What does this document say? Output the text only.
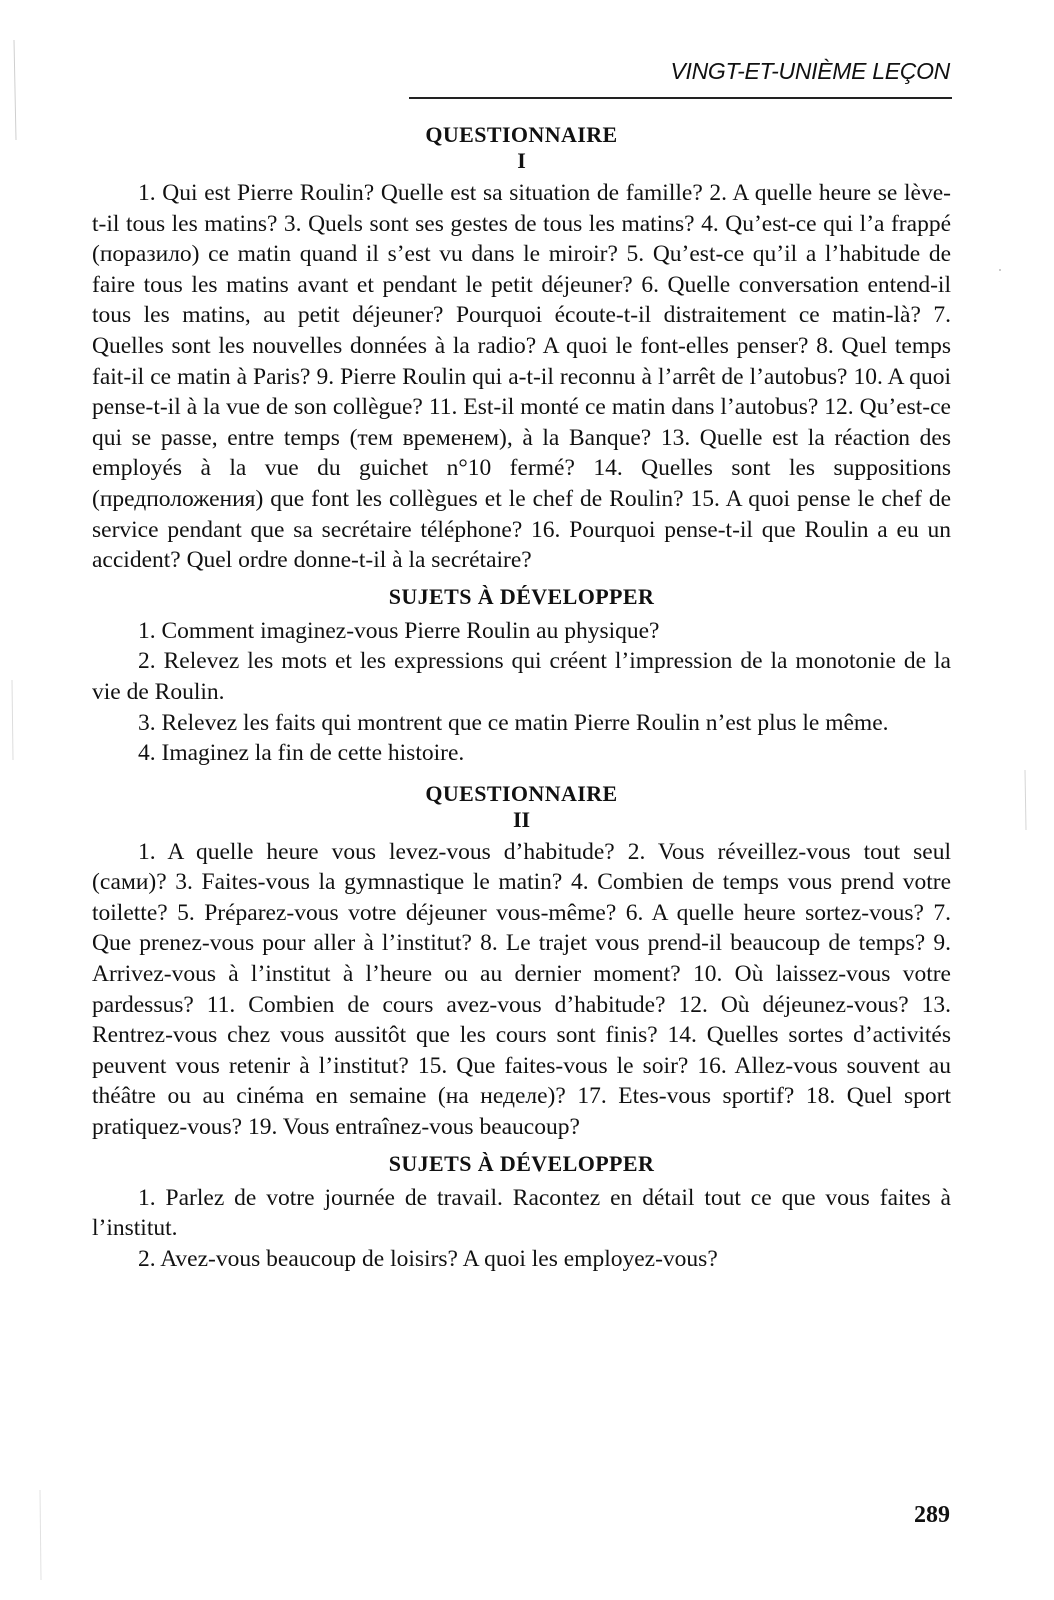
VINGT-ET-UNIÈME LEÇON
QUESTIONNAIRE
I

1. Qui est Pierre Roulin? Quelle est sa situation de famille? 2. A quelle heure se lève-t-il tous les matins? 3. Quels sont ses gestes de tous les matins? 4. Qu’est-ce qui l’a frappé (поразило) ce matin quand il s’est vu dans le miroir? 5. Qu’est-ce qu’il a l’habitude de faire tous les matins avant et pendant le petit déjeuner? 6. Quelle conversation entend-il tous les matins, au petit déjeuner? Pourquoi écoute-t-il distraitement ce matin-là? 7. Quelles sont les nouvelles données à la radio? A quoi le font-elles penser? 8. Quel temps fait-il ce matin à Paris? 9. Pierre Roulin qui a-t-il reconnu à l’arrêt de l’autobus? 10. A quoi pense-t-il à la vue de son collègue? 11. Est-il monté ce matin dans l’autobus? 12. Qu’est-ce qui se passe, entre temps (тем временем), à la Banque? 13. Quelle est la réaction des employés à la vue du guichet n°10 fermé? 14. Quelles sont les suppositions (предположения) que font les collègues et le chef de Roulin? 15. A quoi pense le chef de service pendant que sa secrétaire téléphone? 16. Pourquoi pense-t-il que Roulin a eu un accident? Quel ordre donne-t-il à la secrétaire?

SUJETS À DÉVELOPPER

1. Comment imaginez-vous Pierre Roulin au physique?

2. Relevez les mots et les expressions qui créent l’impression de la monotonie de la vie de Roulin.

3. Relevez les faits qui montrent que ce matin Pierre Roulin n’est plus le même.

4. Imaginez la fin de cette histoire.

QUESTIONNAIRE
II

1. A quelle heure vous levez-vous d’habitude? 2. Vous réveillez-vous tout seul (сами)? 3. Faites-vous la gymnastique le matin? 4. Combien de temps vous prend votre toilette? 5. Préparez-vous votre déjeuner vous-même? 6. A quelle heure sortez-vous? 7. Que prenez-vous pour aller à l’institut? 8. Le trajet vous prend-il beaucoup de temps? 9. Arrivez-vous à l’institut à l’heure ou au dernier moment? 10. Où laissez-vous votre pardessus? 11. Combien de cours avez-vous d’habitude? 12. Où déjeunez-vous? 13. Rentrez-vous chez vous aussitôt que les cours sont finis? 14. Quelles sortes d’activités peuvent vous retenir à l’institut? 15. Que faites-vous le soir? 16. Allez-vous souvent au théâtre ou au cinéma en semaine (на неделе)? 17. Etes-vous sportif? 18. Quel sport pratiquez-vous? 19. Vous entraînez-vous beaucoup?

SUJETS À DÉVELOPPER

1. Parlez de votre journée de travail. Racontez en détail tout ce que vous faites à l’institut.

2. Avez-vous beaucoup de loisirs? A quoi les employez-vous?

289
